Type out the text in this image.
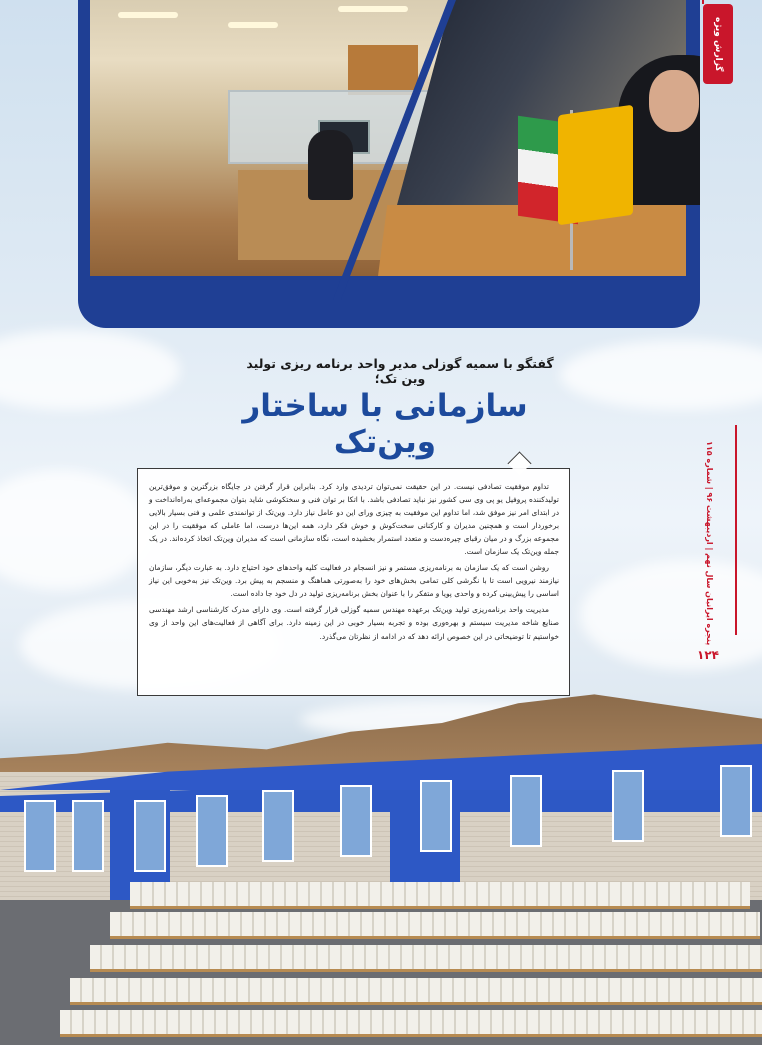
گزارش ویژه
گفتگو با سمیه گوزلی مدیر واحد برنامه ریزی تولید وین تک؛
سازمانی با ساختار وین‌تک
پنجره ایرانیان سال نهم | اردیبهشت ۹۶ | شماره ۱۱۵
۱۲۴

تداوم موفقیت تصادفی نیست. در این حقیقت نمی‌توان تردیدی وارد کرد. بنابراین قرار گرفتن در جایگاه بزرگترین و موفق‌ترین تولیدکننده پروفیل یو پی وی سی کشور نیز نباید تصادفی باشد. با اتکا بر توان فنی و سختکوشی شاید بتوان مجموعه‌ای به‌راه‌انداخت و در ابتدای امر نیز موفق شد، اما تداوم این موفقیت به چیزی ورای این دو عامل نیاز دارد. وین‌تک از توانمندی علمی و فنی بسیار بالایی برخوردار است و همچنین مدیران و کارکنانی سخت‌کوش و خوش فکر دارد، همه این‌ها درست، اما عاملی که موفقیت را در این مجموعه بزرگ و در میان رقبای چیره‌دست و متعدد استمرار بخشیده است، نگاه سازمانی است که مدیران وین‌تک اتخاذ کرده‌اند. در یک جمله وین‌تک یک سازمان است.

روشن است که یک سازمان به برنامه‌ریزی مستمر و نیز انسجام در فعالیت کلیه واحدهای خود احتیاج دارد. به عبارت دیگر، سازمان نیازمند نیرویی است تا با نگرشی کلی تمامی بخش‌های خود را به‌صورتی هماهنگ و منسجم به پیش برد. وین‌تک نیز به‌خوبی این نیاز اساسی را پیش‌بینی کرده و واحدی پویا و متفکر را با عنوان بخش برنامه‌ریزی تولید در دل خود جا داده است.

مدیریت واحد برنامه‌ریزی تولید وین‌تک برعهده مهندس سمیه گوزلی قرار گرفته است. وی دارای مدرک کارشناسی ارشد مهندسی صنایع شاخه مدیریت سیستم و بهره‌وری بوده و تجربه بسیار خوبی در این زمینه دارد. برای آگاهی از فعالیت‌های این واحد از وی خواستیم تا توضیحاتی در این خصوص ارائه دهد که در ادامه از نظرتان می‌گذرد.
